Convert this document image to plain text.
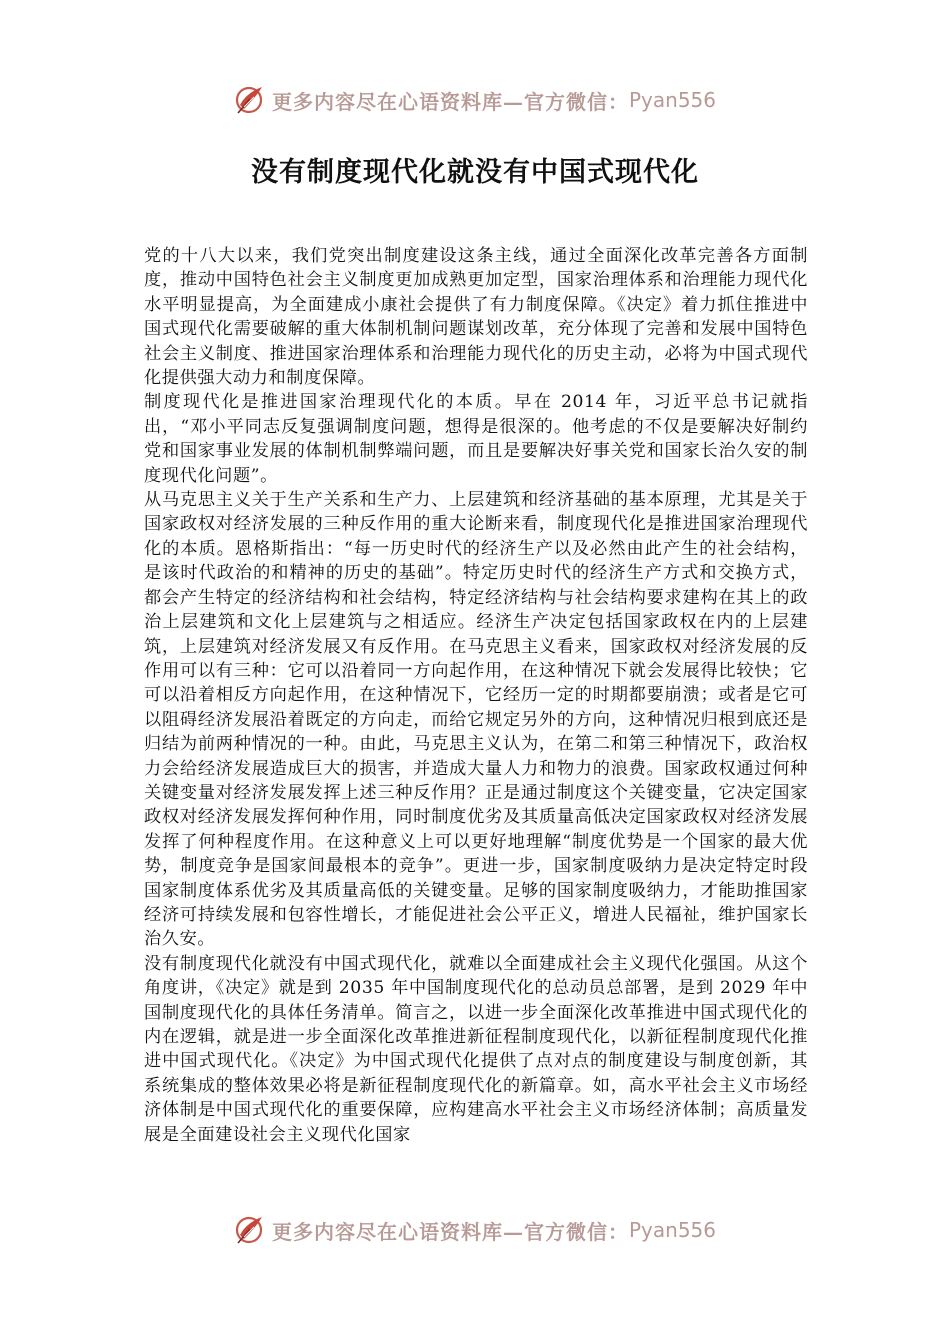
更多内容尽在心语资料库—官方微信： Pyan556
没有制度现代化就没有中国式现代化

党的十八大以来，我们党突出制度建设这条主线，通过全面深化改革完善各方面制度，推动中国特色社会主义制度更加成熟更加定型，国家治理体系和治理能力现代化水平明显提高，为全面建成小康社会提供了有力制度保障。《决定》着力抓住推进中国式现代化需要破解的重大体制机制问题谋划改革，充分体现了完善和发展中国特色社会主义制度、推进国家治理体系和治理能力现代化的历史主动，必将为中国式现代化提供强大动力和制度保障。

制度现代化是推进国家治理现代化的本质。早在 2014 年，习近平总书记就指出，“邓小平同志反复强调制度问题，想得是很深的。他考虑的不仅是要解决好制约党和国家事业发展的体制机制弊端问题，而且是要解决好事关党和国家长治久安的制度现代化问题”。

从马克思主义关于生产关系和生产力、上层建筑和经济基础的基本原理，尤其是关于国家政权对经济发展的三种反作用的重大论断来看，制度现代化是推进国家治理现代化的本质。恩格斯指出：“每一历史时代的经济生产以及必然由此产生的社会结构，是该时代政治的和精神的历史的基础”。特定历史时代的经济生产方式和交换方式，都会产生特定的经济结构和社会结构，特定经济结构与社会结构要求建构在其上的政治上层建筑和文化上层建筑与之相适应。经济生产决定包括国家政权在内的上层建筑，上层建筑对经济发展又有反作用。在马克思主义看来，国家政权对经济发展的反作用可以有三种：它可以沿着同一方向起作用，在这种情况下就会发展得比较快；它可以沿着相反方向起作用，在这种情况下，它经历一定的时期都要崩溃；或者是它可以阻碍经济发展沿着既定的方向走，而给它规定另外的方向，这种情况归根到底还是归结为前两种情况的一种。由此，马克思主义认为，在第二和第三种情况下，政治权力会给经济发展造成巨大的损害，并造成大量人力和物力的浪费。国家政权通过何种关键变量对经济发展发挥上述三种反作用？正是通过制度这个关键变量，它决定国家政权对经济发展发挥何种作用，同时制度优劣及其质量高低决定国家政权对经济发展发挥了何种程度作用。在这种意义上可以更好地理解“制度优势是一个国家的最大优势，制度竞争是国家间最根本的竞争”。更进一步，国家制度吸纳力是决定特定时段国家制度体系优劣及其质量高低的关键变量。足够的国家制度吸纳力，才能助推国家经济可持续发展和包容性增长，才能促进社会公平正义，增进人民福祉，维护国家长治久安。

没有制度现代化就没有中国式现代化，就难以全面建成社会主义现代化强国。从这个角度讲，《决定》就是到 2035 年中国制度现代化的总动员总部署，是到 2029 年中国制度现代化的具体任务清单。简言之，以进一步全面深化改革推进中国式现代化的内在逻辑，就是进一步全面深化改革推进新征程制度现代化，以新征程制度现代化推进中国式现代化。《决定》为中国式现代化提供了点对点的制度建设与制度创新，其系统集成的整体效果必将是新征程制度现代化的新篇章。如，高水平社会主义市场经济体制是中国式现代化的重要保障，应构建高水平社会主义市场经济体制；高质量发展是全面建设社会主义现代化国家

更多内容尽在心语资料库—官方微信： Pyan556
